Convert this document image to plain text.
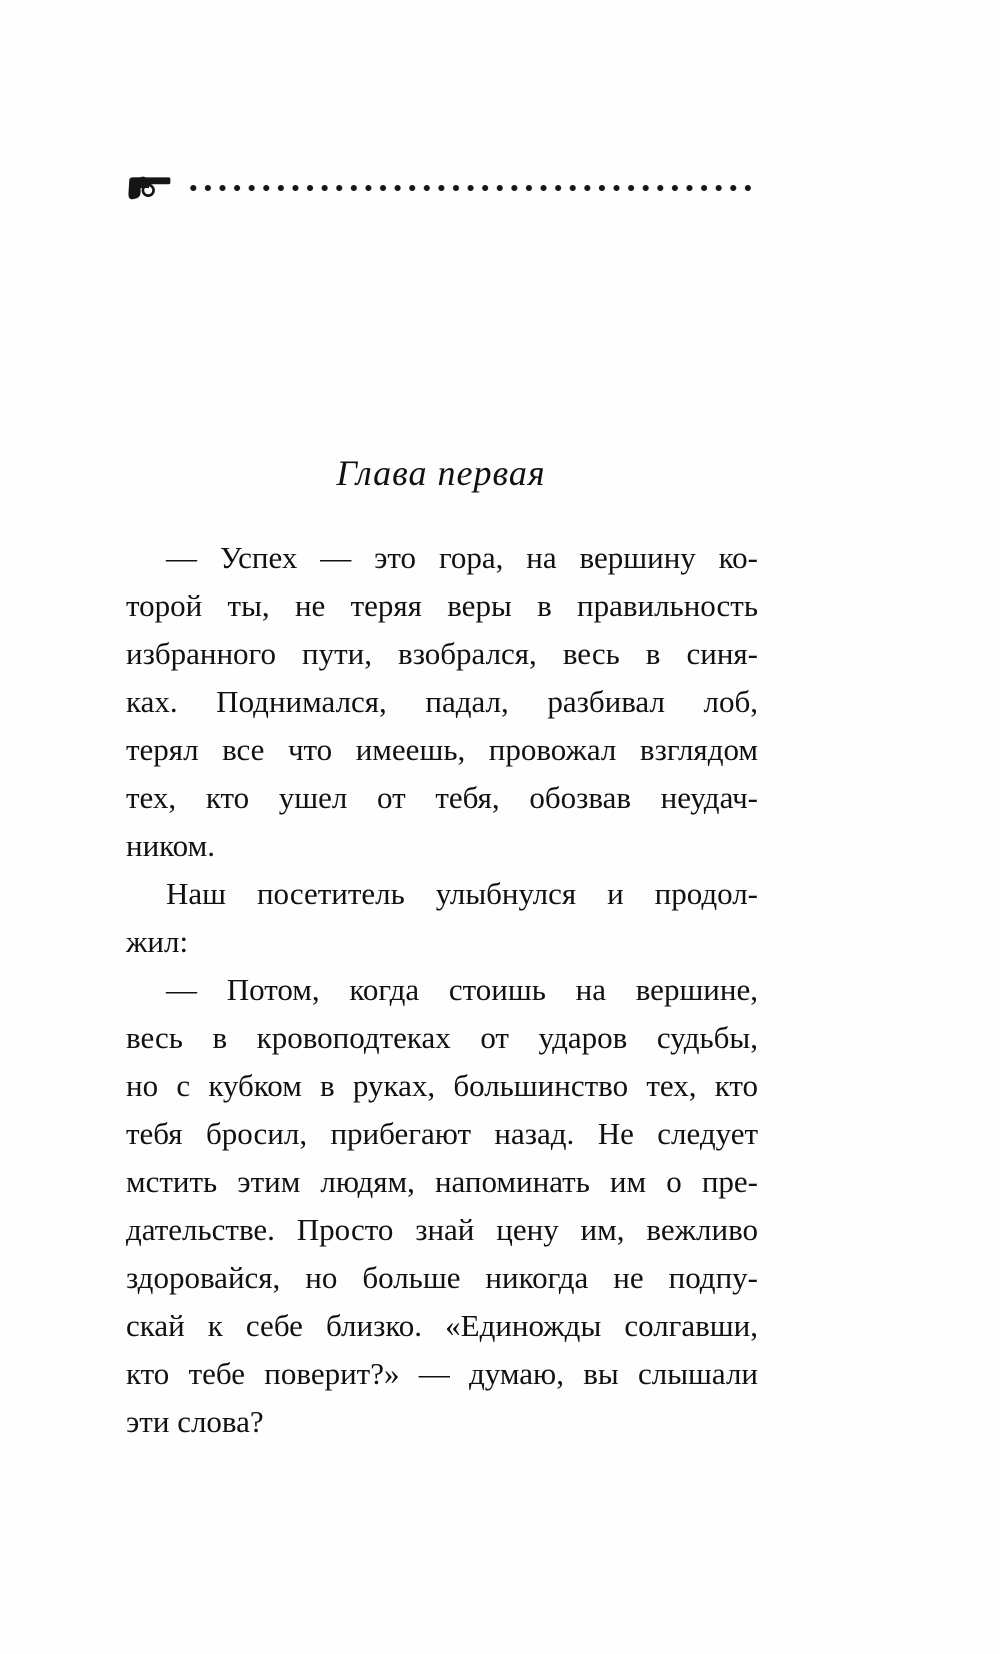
Глава первая
— Успех — это гора, на вершину ко-
торой ты, не теряя веры в правильность
избранного пути, взобрался, весь в синя-
ках. Поднимался, падал, разбивал лоб,
терял все что имеешь, провожал взглядом
тех, кто ушел от тебя, обозвав неудач-
ником.
Наш посетитель улыбнулся и продол-
жил:
— Потом, когда стоишь на вершине,
весь в кровоподтеках от ударов судьбы,
но с кубком в руках, большинство тех, кто
тебя бросил, прибегают назад. Не следует
мстить этим людям, напоминать им о пре-
дательстве. Просто знай цену им, вежливо
здоровайся, но больше никогда не подпу-
скай к себе близко. «Единожды солгавши,
кто тебе поверит?» — думаю, вы слышали
эти слова?
